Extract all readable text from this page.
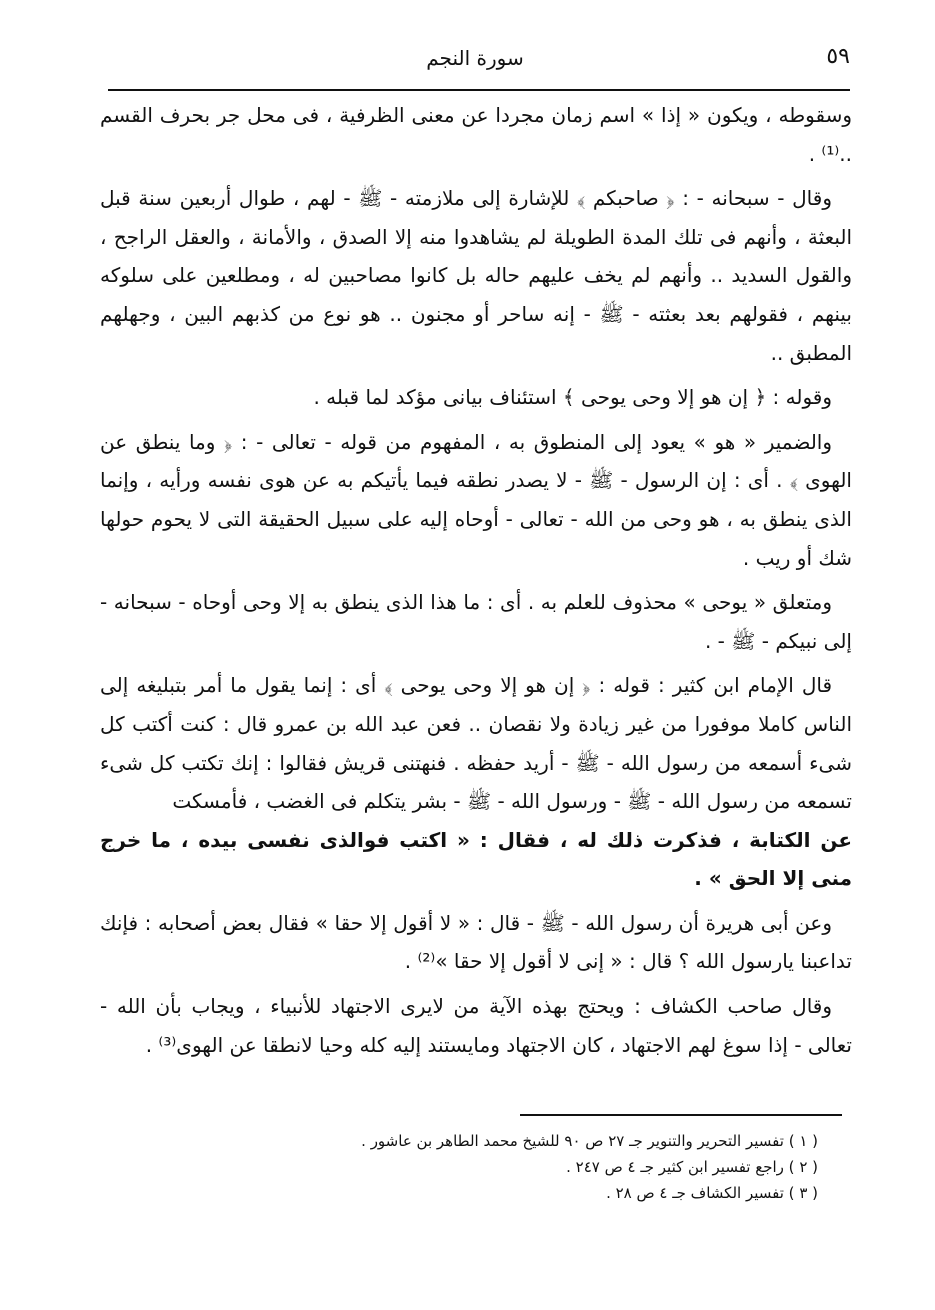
٥٩
سورة النجم

وسقوطه ، ويكون « إذا » اسم زمان مجردا عن معنى الظرفية ، فى محل جر بحرف القسم ..⁽¹⁾ .

وقال - سبحانه - : ﴿ صاحبكم ﴾ للإشارة إلى ملازمته - ﷺ - لهم ، طوال أربعين سنة قبل البعثة ، وأنهم فى تلك المدة الطويلة لم يشاهدوا منه إلا الصدق ، والأمانة ، والعقل الراجح ، والقول السديد .. وأنهم لم يخف عليهم حاله بل كانوا مصاحبين له ، ومطلعين على سلوكه بينهم ، فقولهم بعد بعثته - ﷺ - إنه ساحر أو مجنون .. هو نوع من كذبهم البين ، وجهلهم المطبق ..

وقوله : ﴿ إن هو إلا وحى يوحى ﴾ استئناف بيانى مؤكد لما قبله .

والضمير « هو » يعود إلى المنطوق به ، المفهوم من قوله - تعالى - : ﴿ وما ينطق عن الهوى ﴾ . أى : إن الرسول - ﷺ - لا يصدر نطقه فيما يأتيكم به عن هوى نفسه ورأيه ، وإنما الذى ينطق به ، هو وحى من الله - تعالى - أوحاه إليه على سبيل الحقيقة التى لا يحوم حولها شك أو ريب .

ومتعلق « يوحى » محذوف للعلم به . أى : ما هذا الذى ينطق به إلا وحى أوحاه - سبحانه - إلى نبيكم - ﷺ - .

قال الإمام ابن كثير : قوله : ﴿ إن هو إلا وحى يوحى ﴾ أى : إنما يقول ما أمر بتبليغه إلى الناس كاملا موفورا من غير زيادة ولا نقصان .. فعن عبد الله بن عمرو قال : كنت أكتب كل شىء أسمعه من رسول الله - ﷺ - أريد حفظه . فنهتنى قريش فقالوا : إنك تكتب كل شىء تسمعه من رسول الله - ﷺ - ورسول الله - ﷺ - بشر يتكلم فى الغضب ، فأمسكت

عن الكتابة ، فذكرت ذلك له ، فقال : « اكتب فوالذى نفسى بيده ، ما خرج منى إلا الحق » .

وعن أبى هريرة أن رسول الله - ﷺ - قال : « لا أقول إلا حقا » فقال بعض أصحابه : فإنك تداعبنا يارسول الله ؟ قال : « إنى لا أقول إلا حقا »⁽²⁾ .

وقال صاحب الكشاف : ويحتج بهذه الآية من لايرى الاجتهاد للأنبياء ، ويجاب بأن الله - تعالى - إذا سوغ لهم الاجتهاد ، كان الاجتهاد ومايستند إليه كله وحيا لانطقا عن الهوى⁽³⁾ .

( ١ ) تفسير التحرير والتنوير جـ ٢٧ ص ٩٠ للشيخ محمد الطاهر بن عاشور .

( ٢ ) راجع تفسير ابن كثير جـ ٤ ص ٢٤٧ .

( ٣ ) تفسير الكشاف جـ ٤ ص ٢٨ .
